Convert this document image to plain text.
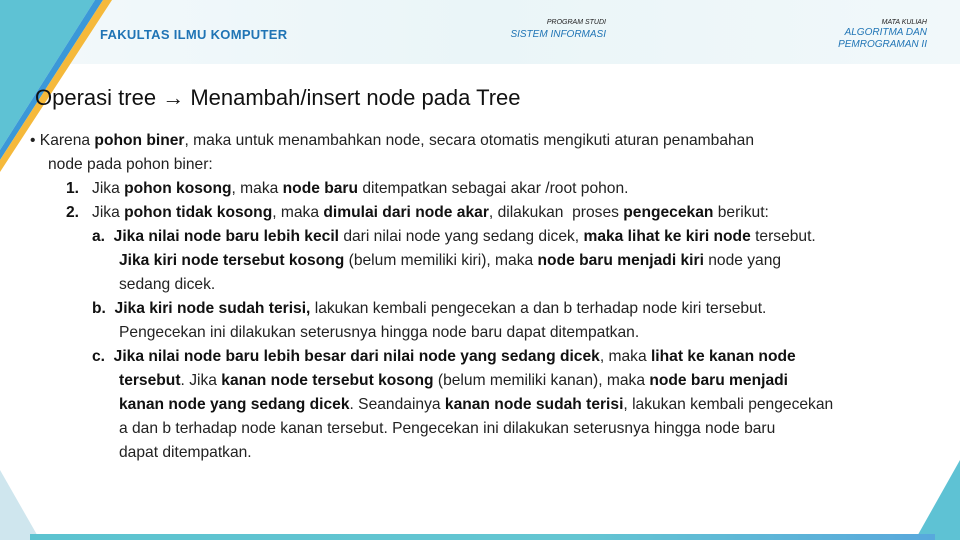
FAKULTAS ILMU KOMPUTER
PROGRAM STUDI
SISTEM INFORMASI
MATA KULIAH
ALGORITMA DAN
PEMROGRAMAN II
Operasi tree → Menambah/insert node pada Tree
• Karena pohon biner, maka untuk menambahkan node, secara otomatis mengikuti aturan penambahan
node pada pohon biner:
1.   Jika pohon kosong, maka node baru ditempatkan sebagai akar /root pohon.
2.   Jika pohon tidak kosong, maka dimulai dari node akar, dilakukan  proses pengecekan berikut:
a.  Jika nilai node baru lebih kecil dari nilai node yang sedang dicek, maka lihat ke kiri node tersebut.
Jika kiri node tersebut kosong (belum memiliki kiri), maka node baru menjadi kiri node yang
sedang dicek.
b.  Jika kiri node sudah terisi, lakukan kembali pengecekan a dan b terhadap node kiri tersebut.
Pengecekan ini dilakukan seterusnya hingga node baru dapat ditempatkan.
c.  Jika nilai node baru lebih besar dari nilai node yang sedang dicek, maka lihat ke kanan node
tersebut. Jika kanan node tersebut kosong (belum memiliki kanan), maka node baru menjadi
kanan node yang sedang dicek. Seandainya kanan node sudah terisi, lakukan kembali pengecekan
a dan b terhadap node kanan tersebut. Pengecekan ini dilakukan seterusnya hingga node baru
dapat ditempatkan.
